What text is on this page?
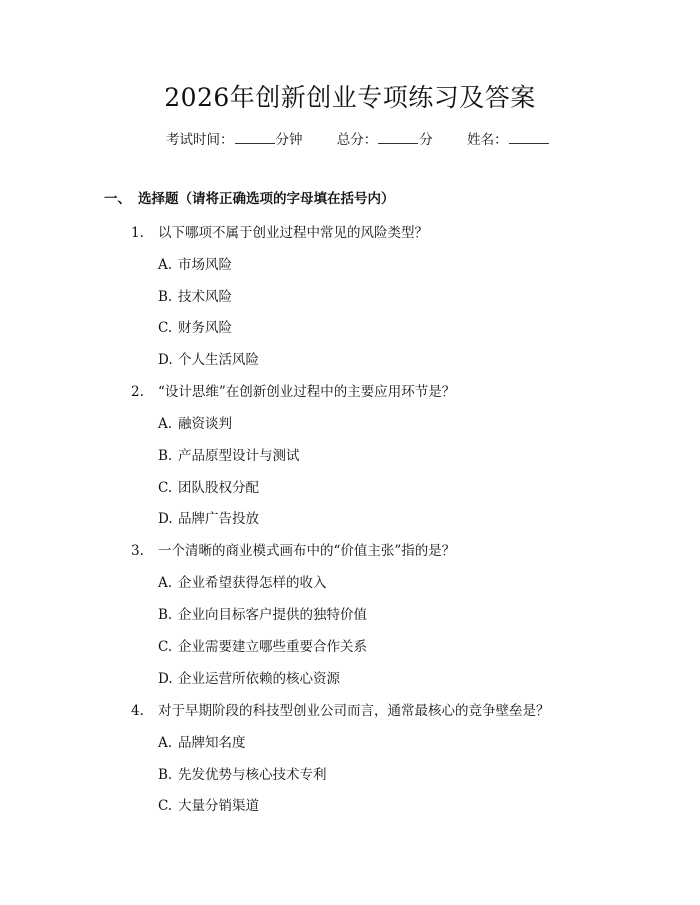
2026年创新创业专项练习及答案
考试时间：	分钟	总分：	分	姓名：
一、 选择题（请将正确选项的字母填在括号内）
1. 以下哪项不属于创业过程中常见的风险类型？
A. 市场风险
B. 技术风险
C. 财务风险
D. 个人生活风险
2. “设计思维”在创新创业过程中的主要应用环节是？
A. 融资谈判
B. 产品原型设计与测试
C. 团队股权分配
D. 品牌广告投放
3. 一个清晰的商业模式画布中的“价值主张”指的是？
A. 企业希望获得怎样的收入
B. 企业向目标客户提供的独特价值
C. 企业需要建立哪些重要合作关系
D. 企业运营所依赖的核心资源
4. 对于早期阶段的科技型创业公司而言，通常最核心的竞争壁垒是？
A. 品牌知名度
B. 先发优势与核心技术专利
C. 大量分销渠道
